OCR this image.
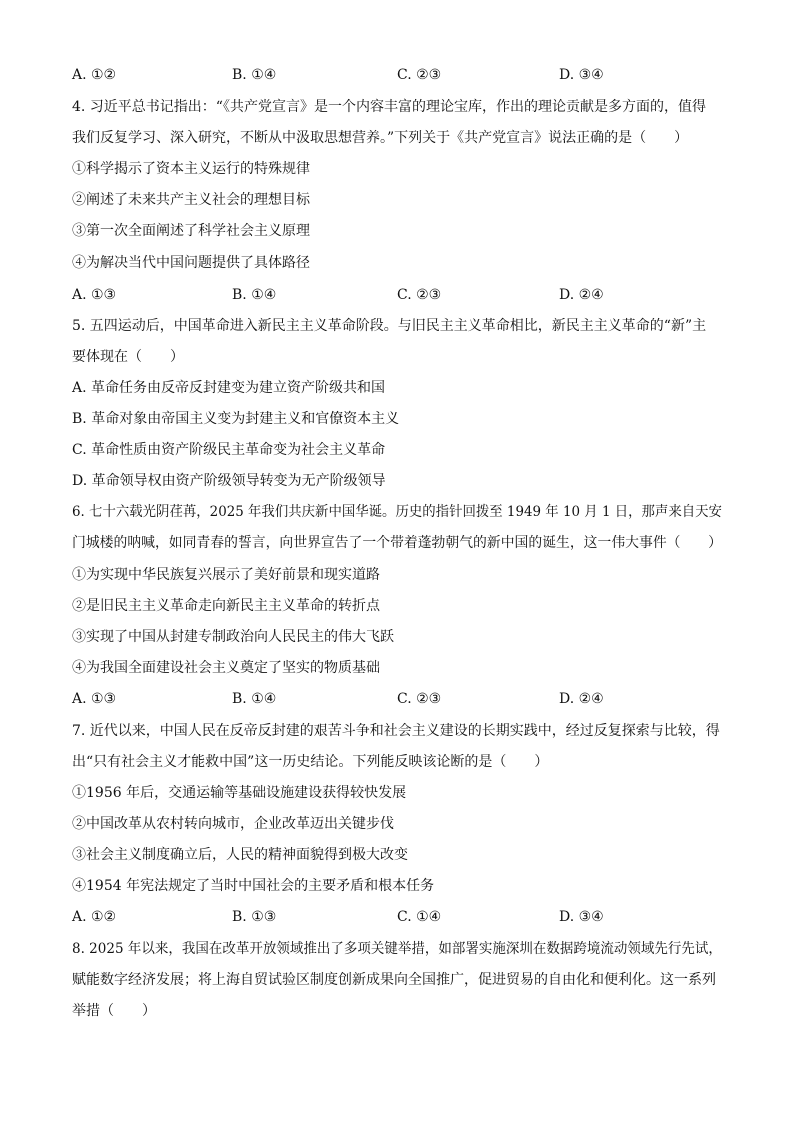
A. ①②	B. ①④	C. ②③	D. ③④
4. 习近平总书记指出：“《共产党宣言》是一个内容丰富的理论宝库，作出的理论贡献是多方面的，值得
我们反复学习、深入研究，不断从中汲取思想营养。”下列关于《共产党宣言》说法正确的是（　　）
①科学揭示了资本主义运行的特殊规律
②阐述了未来共产主义社会的理想目标
③第一次全面阐述了科学社会主义原理
④为解决当代中国问题提供了具体路径
A. ①③	B. ①④	C. ②③	D. ②④
5. 五四运动后，中国革命进入新民主主义革命阶段。与旧民主主义革命相比，新民主主义革命的“新”主
要体现在（　　）
A. 革命任务由反帝反封建变为建立资产阶级共和国
B. 革命对象由帝国主义变为封建主义和官僚资本主义
C. 革命性质由资产阶级民主革命变为社会主义革命
D. 革命领导权由资产阶级领导转变为无产阶级领导
6. 七十六载光阴荏苒，2025 年我们共庆新中国华诞。历史的指针回拨至 1949 年 10 月 1 日，那声来自天安
门城楼的呐喊，如同青春的誓言，向世界宣告了一个带着蓬勃朝气的新中国的诞生，这一伟大事件（　　）
①为实现中华民族复兴展示了美好前景和现实道路
②是旧民主主义革命走向新民主主义革命的转折点
③实现了中国从封建专制政治向人民民主的伟大飞跃
④为我国全面建设社会主义奠定了坚实的物质基础
A. ①③	B. ①④	C. ②③	D. ②④
7. 近代以来，中国人民在反帝反封建的艰苦斗争和社会主义建设的长期实践中，经过反复探索与比较，得
出“只有社会主义才能救中国”这一历史结论。下列能反映该论断的是（　　）
①1956 年后，交通运输等基础设施建设获得较快发展
②中国改革从农村转向城市，企业改革迈出关键步伐
③社会主义制度确立后，人民的精神面貌得到极大改变
④1954 年宪法规定了当时中国社会的主要矛盾和根本任务
A. ①②	B. ①③	C. ①④	D. ③④
8. 2025 年以来，我国在改革开放领域推出了多项关键举措，如部署实施深圳在数据跨境流动领域先行先试，
赋能数字经济发展；将上海自贸试验区制度创新成果向全国推广，促进贸易的自由化和便利化。这一系列
举措（　　）
